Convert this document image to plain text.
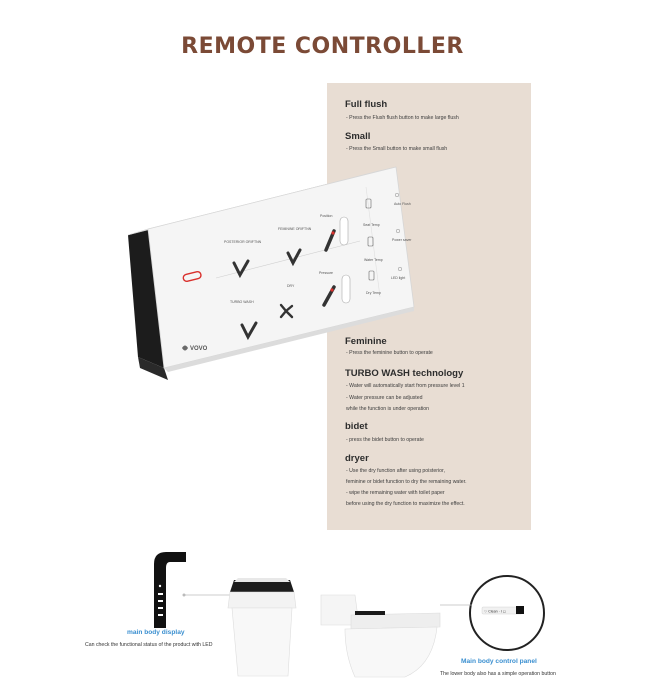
REMOTE CONTROLLER
Full flush
- Press the Flush flush button to make large flush
Small
- Press the Small button to make small flush
Feminine
- Press the feminine button to operate
TURBO WASH technology
- Water will automatically start from pressure level 1
- Water pressure can be adjusted
while the function is under operation
bidet
- press the bidet button to operate
dryer
- Use the dry function after using poisterior,
feminine or bidet function to dry the remaining water.
- wipe the remaining water with toilet paper
before using the dry function to maximize the effect.
POSTERIOR ORIFTNN
FEMININE ORIFTNN
Position
TURBO WASH
DRY
Pressure
Seat Temp
Water Temp
Dry Temp
Auto Flush
Power saver
LED light
VOVO
♡ Clean · Ⅰ ◻
main body display
Can check the functional status of the product with LED
Main body control panel
The lower body also has a simple operation button
